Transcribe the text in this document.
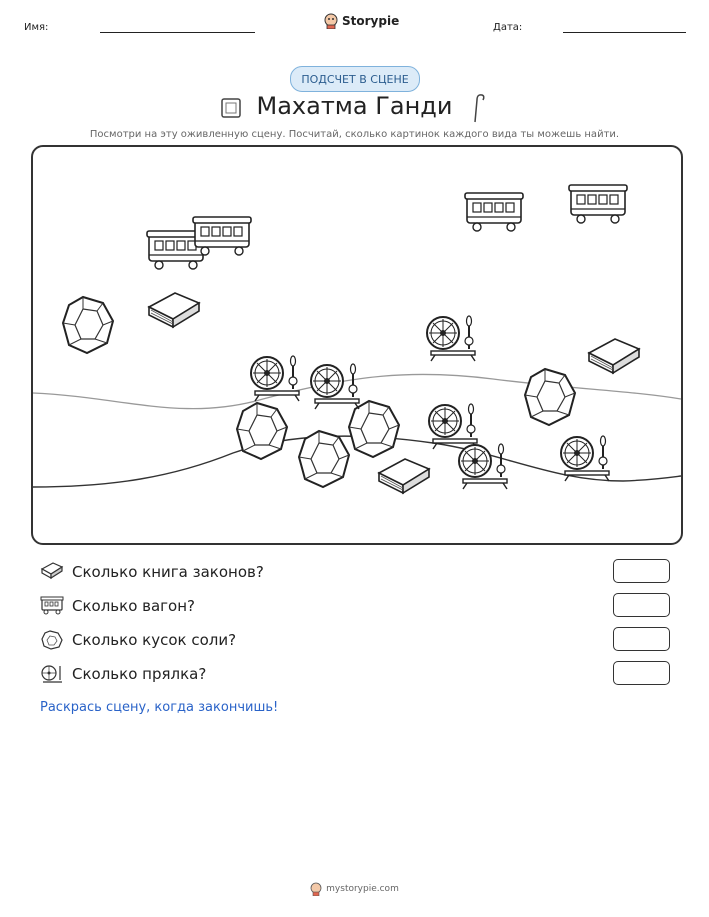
Имя:	Storypie	Дата:
ПОДСЧЕТ В СЦЕНЕ
Махатма Ганди
Посмотри на эту оживленную сцену. Посчитай, сколько картинок каждого вида ты можешь найти.
Сколько книга законов?
Сколько вагон?
Сколько кусок соли?
Сколько прялка?
Раскрась сцену, когда закончишь!
mystorypie.com
